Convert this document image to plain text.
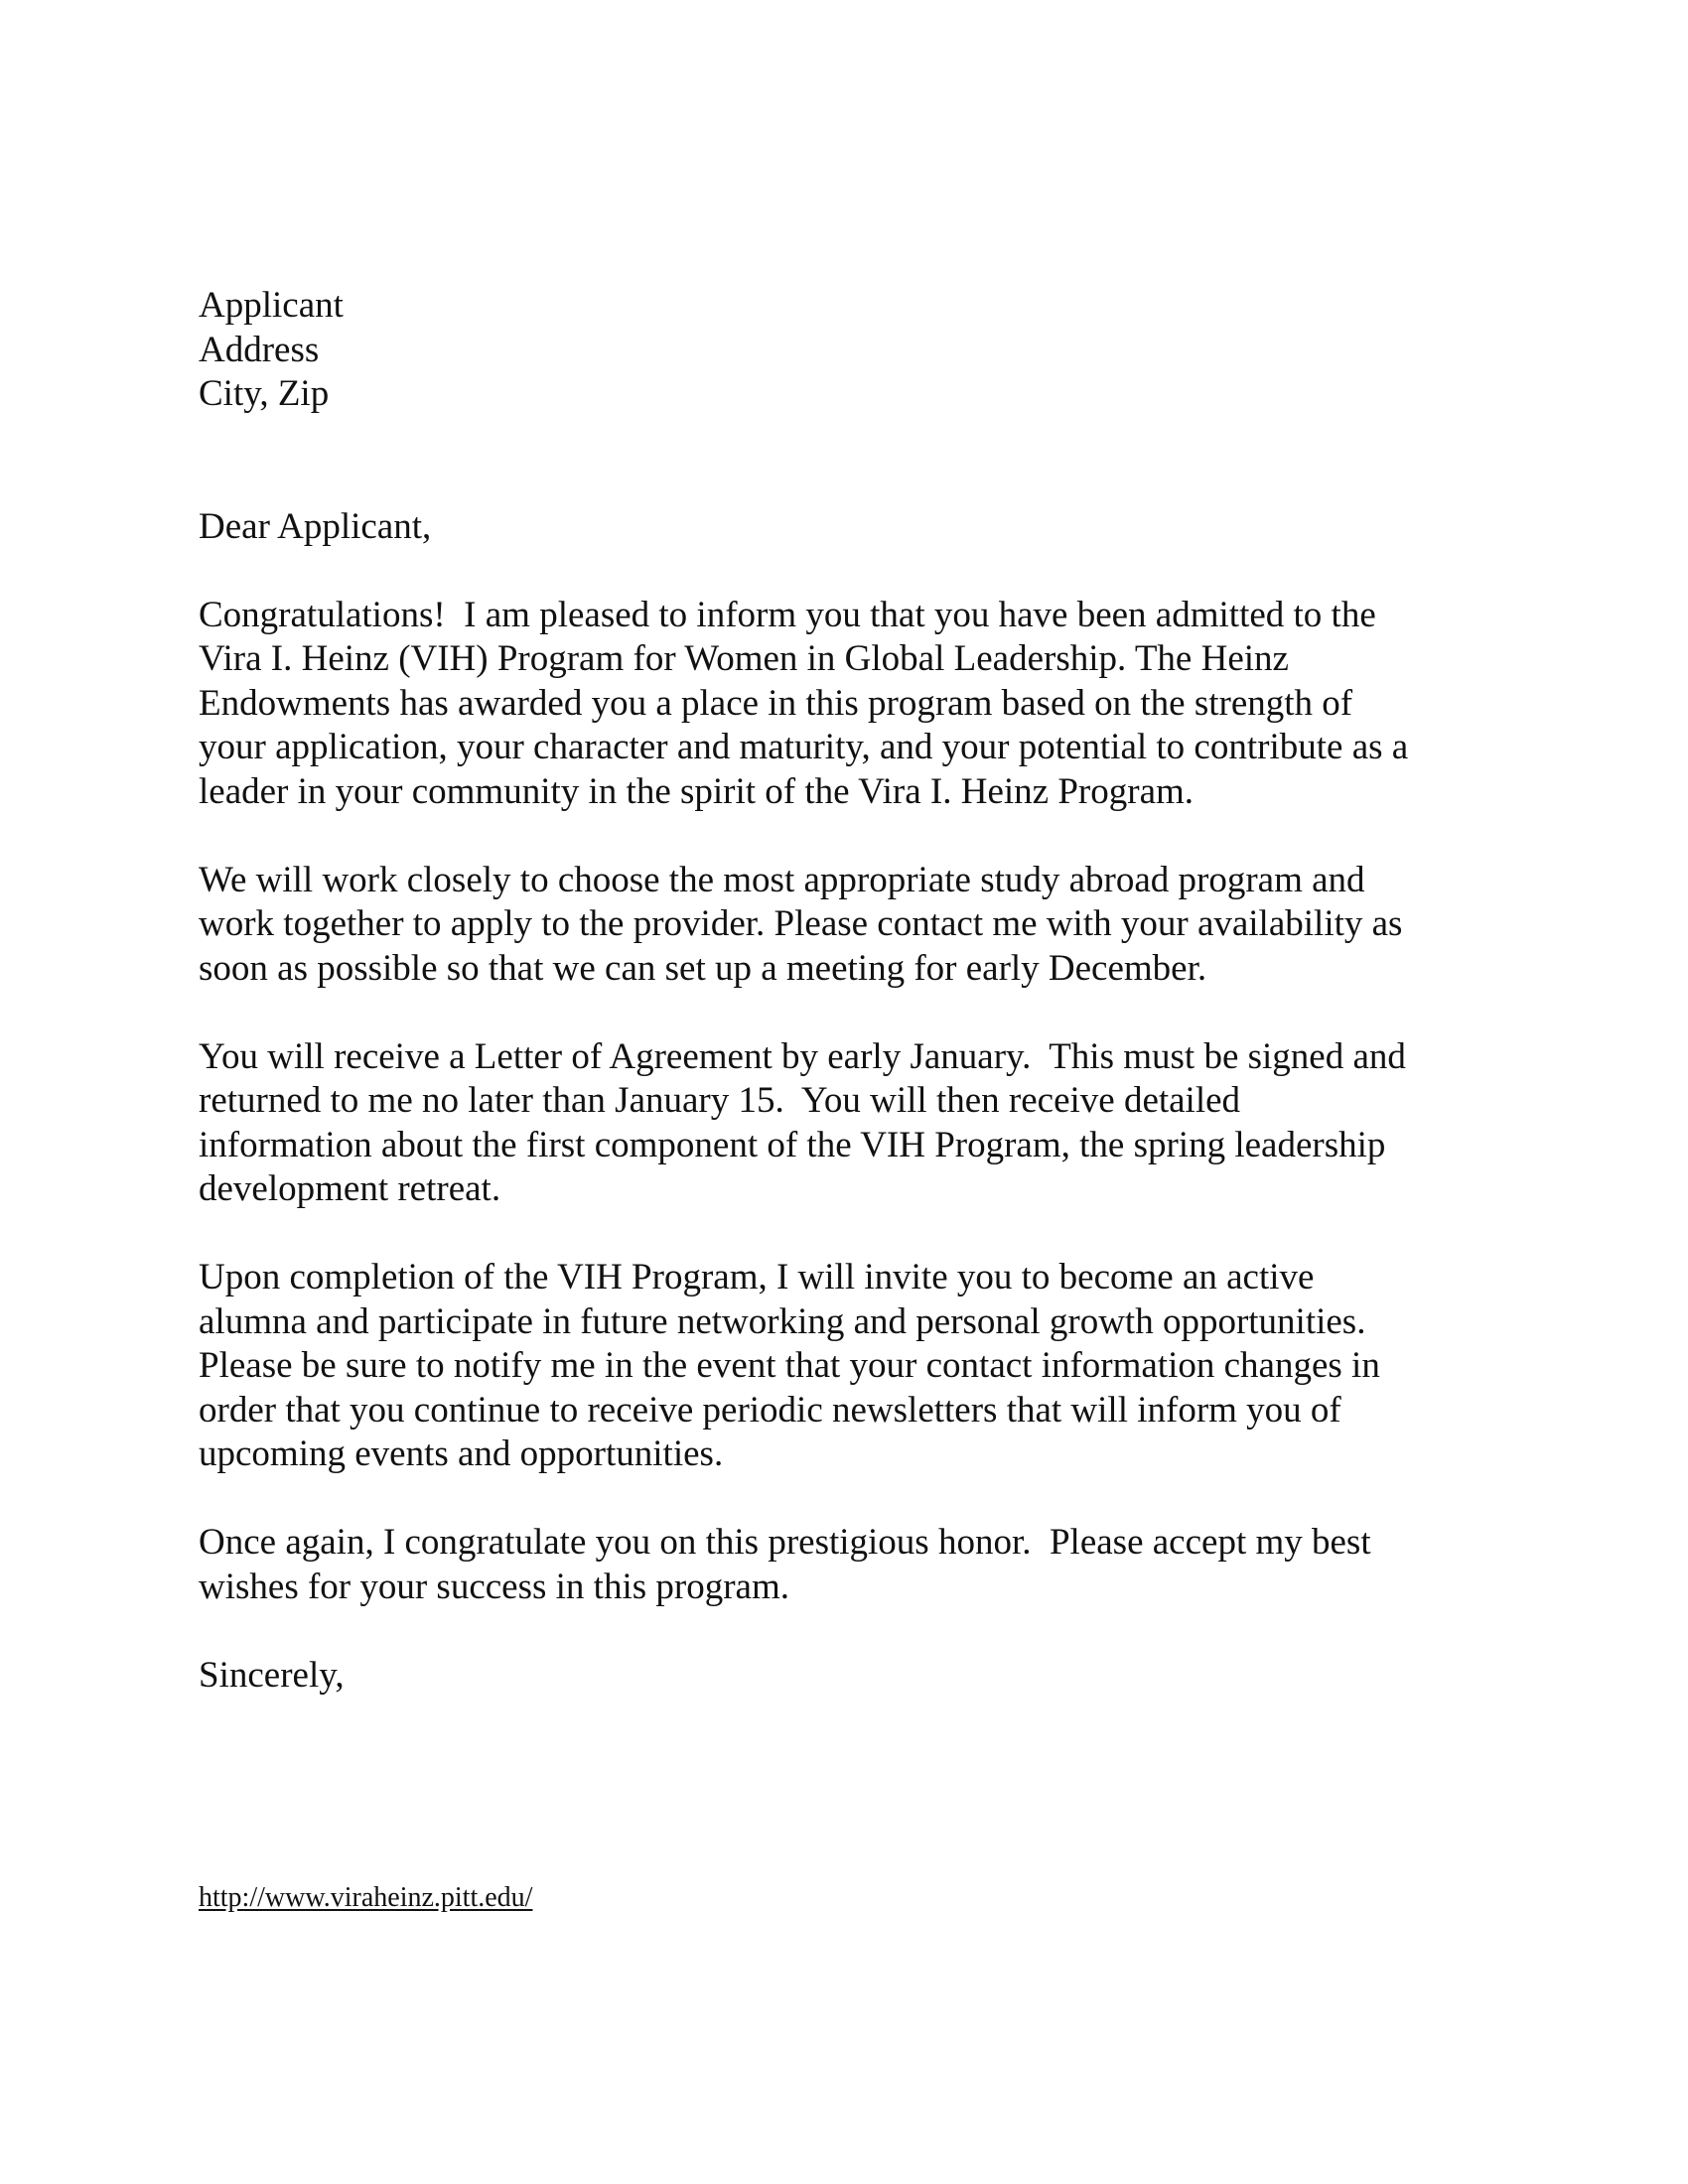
Applicant
Address
City, Zip
Dear Applicant,
Congratulations!  I am pleased to inform you that you have been admitted to the
Vira I. Heinz (VIH) Program for Women in Global Leadership. The Heinz
Endowments has awarded you a place in this program based on the strength of
your application, your character and maturity, and your potential to contribute as a
leader in your community in the spirit of the Vira I. Heinz Program.
We will work closely to choose the most appropriate study abroad program and
work together to apply to the provider. Please contact me with your availability as
soon as possible so that we can set up a meeting for early December.
You will receive a Letter of Agreement by early January.  This must be signed and
returned to me no later than January 15.  You will then receive detailed
information about the first component of the VIH Program, the spring leadership
development retreat.
Upon completion of the VIH Program, I will invite you to become an active
alumna and participate in future networking and personal growth opportunities.
Please be sure to notify me in the event that your contact information changes in
order that you continue to receive periodic newsletters that will inform you of
upcoming events and opportunities.
Once again, I congratulate you on this prestigious honor.  Please accept my best
wishes for your success in this program.
Sincerely,
http://www.viraheinz.pitt.edu/
